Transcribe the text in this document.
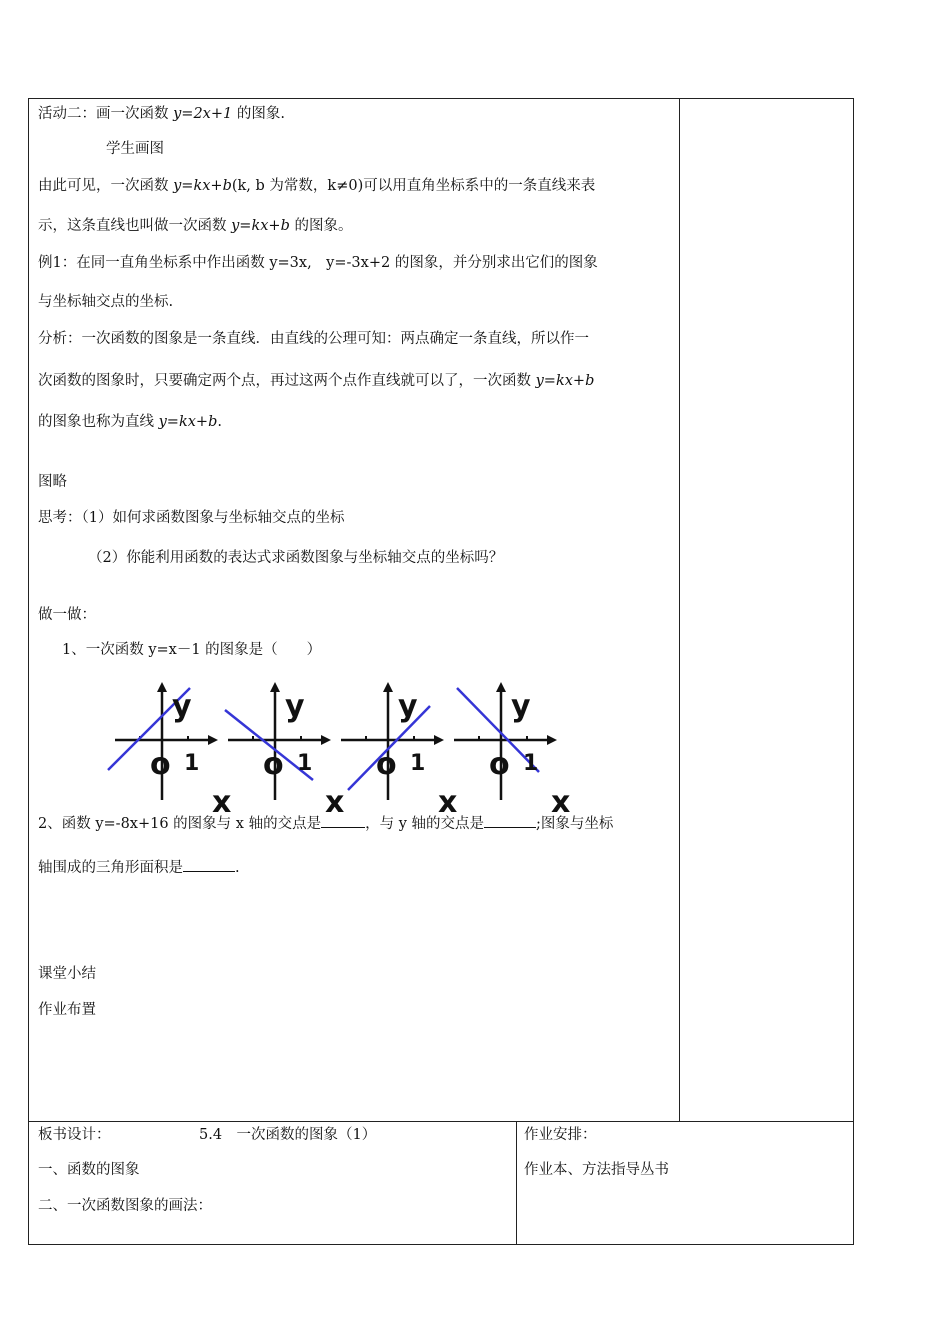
活动二：画一次函数 y=2x+1 的图象.
学生画图
由此可见，一次函数 y=kx+b(k, b 为常数，k≠0)可以用直角坐标系中的一条直线来表
示，这条直线也叫做一次函数 y=kx+b 的图象。
例1：在同一直角坐标系中作出函数 y=3x,　y=-3x+2 的图象，并分别求出它们的图象
与坐标轴交点的坐标.
分析：一次函数的图象是一条直线．由直线的公理可知：两点确定一条直线，所以作一
次函数的图象时，只要确定两个点，再过这两个点作直线就可以了，一次函数 y=kx+b
的图象也称为直线 y=kx+b.
图略
思考：（1）如何求函数图象与坐标轴交点的坐标
（2）你能利用函数的表达式求函数图象与坐标轴交点的坐标吗？
做一做：
1、一次函数 y=x－1 的图象是（　　）
y
o 1
x
y
o 1
x
y
o 1
x
y
o 1
x
2、函数 y=-8x+16 的图象与 x 轴的交点是	，与 y 轴的交点是	;图象与坐标
轴围成的三角形面积是	.
课堂小结
作业布置
板书设计：	5.4　一次函数的图象（1）
一、函数的图象
二、一次函数图象的画法：
作业安排：
作业本、方法指导丛书
